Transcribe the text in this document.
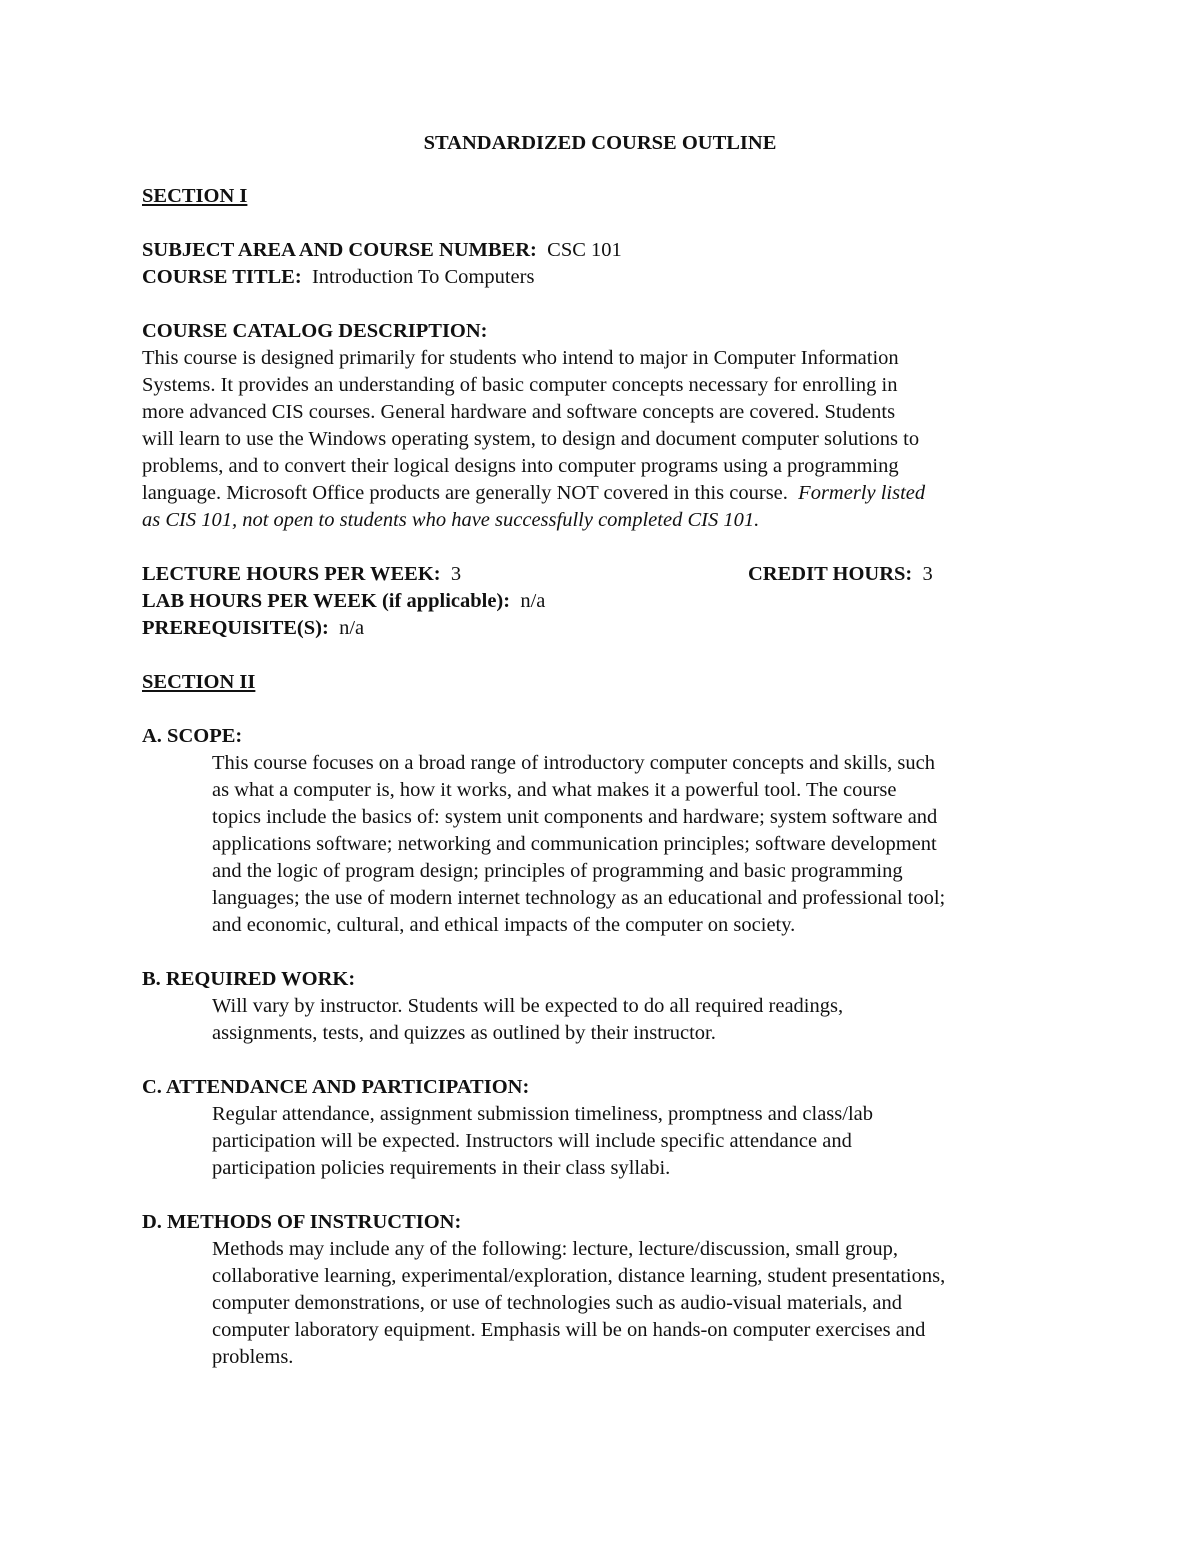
STANDARDIZED COURSE OUTLINE
SECTION I
SUBJECT AREA AND COURSE NUMBER: CSC 101
COURSE TITLE: Introduction To Computers
COURSE CATALOG DESCRIPTION:
This course is designed primarily for students who intend to major in Computer Information
Systems. It provides an understanding of basic computer concepts necessary for enrolling in
more advanced CIS courses. General hardware and software concepts are covered. Students
will learn to use the Windows operating system, to design and document computer solutions to
problems, and to convert their logical designs into computer programs using a programming
language. Microsoft Office products are generally NOT covered in this course. Formerly listed
as CIS 101, not open to students who have successfully completed CIS 101.
LECTURE HOURS PER WEEK: 3	CREDIT HOURS: 3
LAB HOURS PER WEEK (if applicable): n/a
PREREQUISITE(S): n/a
SECTION II
A. SCOPE:
This course focuses on a broad range of introductory computer concepts and skills, such
as what a computer is, how it works, and what makes it a powerful tool. The course
topics include the basics of: system unit components and hardware; system software and
applications software; networking and communication principles; software development
and the logic of program design; principles of programming and basic programming
languages; the use of modern internet technology as an educational and professional tool;
and economic, cultural, and ethical impacts of the computer on society.
B. REQUIRED WORK:
Will vary by instructor. Students will be expected to do all required readings,
assignments, tests, and quizzes as outlined by their instructor.
C. ATTENDANCE AND PARTICIPATION:
Regular attendance, assignment submission timeliness, promptness and class/lab
participation will be expected. Instructors will include specific attendance and
participation policies requirements in their class syllabi.
D. METHODS OF INSTRUCTION:
Methods may include any of the following: lecture, lecture/discussion, small group,
collaborative learning, experimental/exploration, distance learning, student presentations,
computer demonstrations, or use of technologies such as audio-visual materials, and
computer laboratory equipment. Emphasis will be on hands-on computer exercises and
problems.
